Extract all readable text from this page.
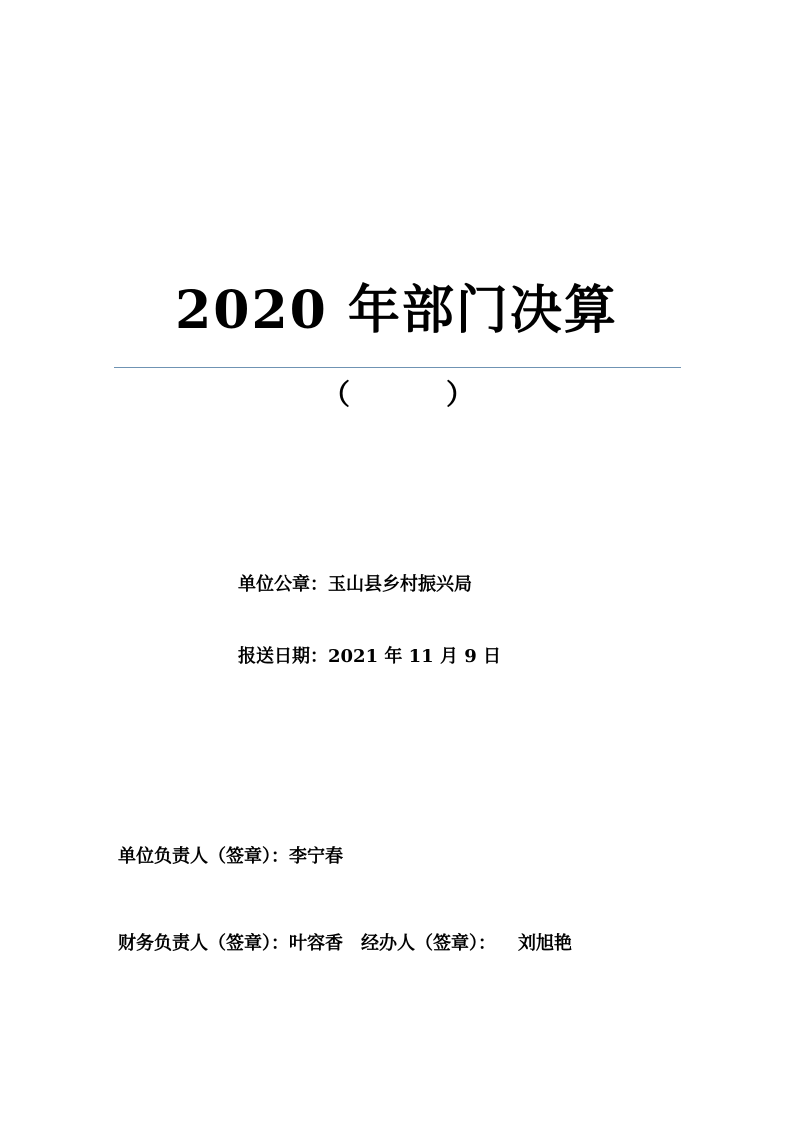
2020 年部门决算
（	）
单位公章：玉山县乡村振兴局
报送日期：2021 年 11 月 9 日
单位负责人（签章）：李宁春
财务负责人（签章）：叶容香 经办人（签章）： 刘旭艳
